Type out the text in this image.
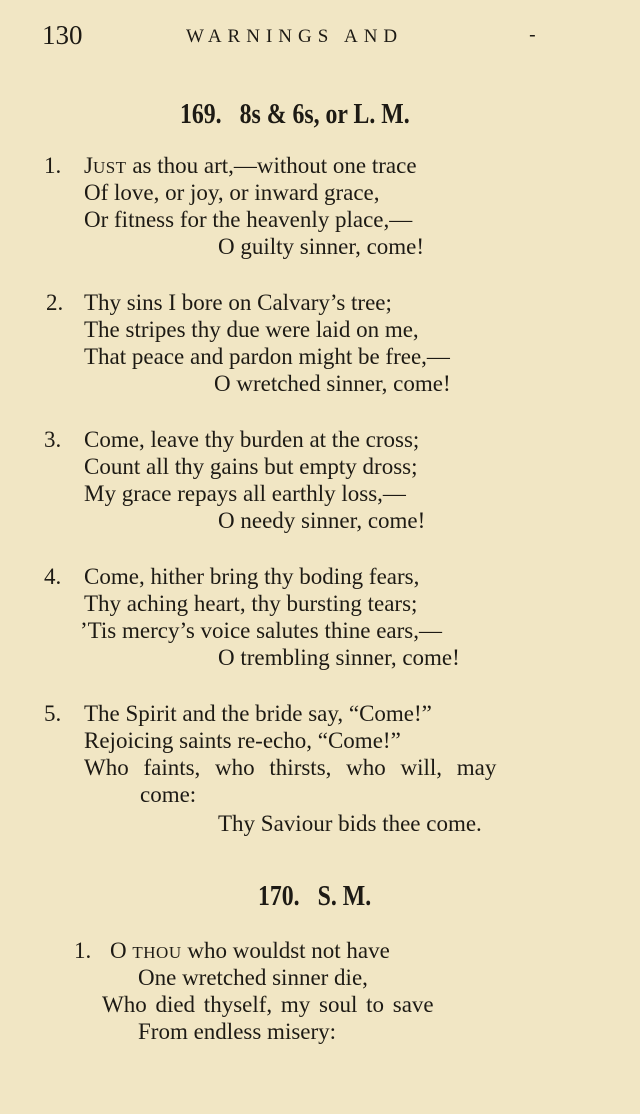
130	WARNINGS AND	-
169. 8s & 6s, or L. M.
1. JUST as thou art,—without one trace
Of love, or joy, or inward grace,
Or fitness for the heavenly place,—
O guilty sinner, come!
2. Thy sins I bore on Calvary’s tree;
The stripes thy due were laid on me,
That peace and pardon might be free,—
O wretched sinner, come!
3. Come, leave thy burden at the cross;
Count all thy gains but empty dross;
My grace repays all earthly loss,—
O needy sinner, come!
4. Come, hither bring thy boding fears,
Thy aching heart, thy bursting tears;
’Tis mercy’s voice salutes thine ears,—
O trembling sinner, come!
5. The Spirit and the bride say, “Come!”
Rejoicing saints re-echo, “Come!”
Who faints, who thirsts, who will, may
come:
Thy Saviour bids thee come.
170. S. M.
1. O THOU who wouldst not have
One wretched sinner die,
Who died thyself, my soul to save
From endless misery:
